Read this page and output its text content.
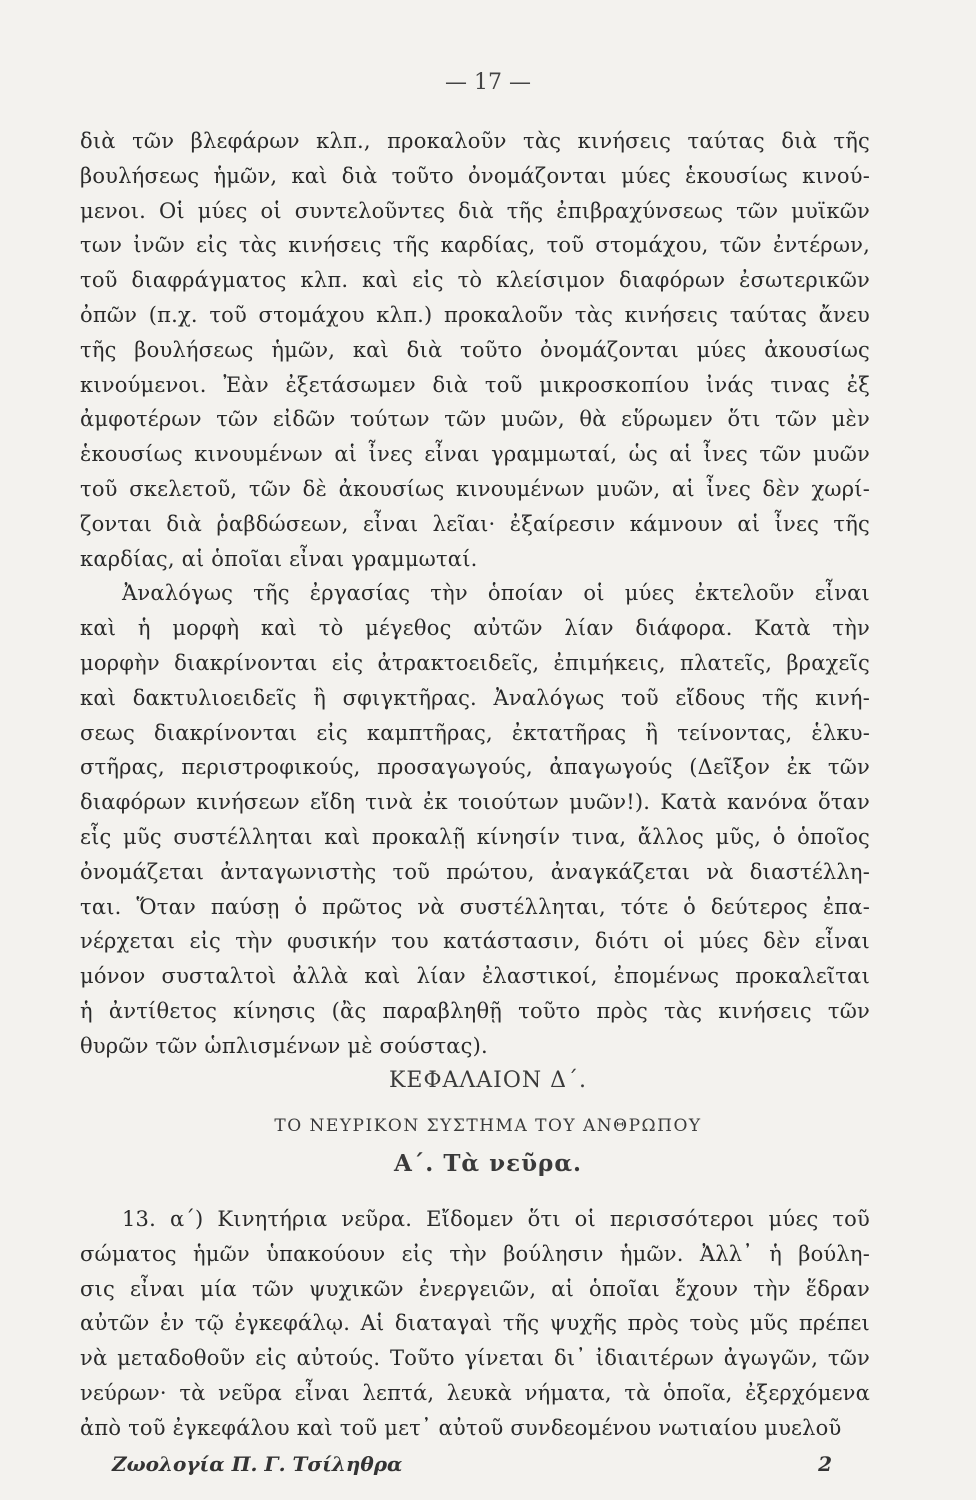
— 17 —
διὰ τῶν βλεφάρων κλπ., προκαλοῦν τὰς κινήσεις ταύτας διὰ τῆς
βουλήσεως ἡμῶν, καὶ διὰ τοῦτο ὀνομάζονται μύες ἑκουσίως κινού-
μενοι. Οἱ μύες οἱ συντελοῦντες διὰ τῆς ἐπιβραχύνσεως τῶν μυϊκῶν
των ἰνῶν εἰς τὰς κινήσεις τῆς καρδίας, τοῦ στομάχου, τῶν ἐντέρων,
τοῦ διαφράγματος κλπ. καὶ εἰς τὸ κλείσιμον διαφόρων ἐσωτερικῶν
ὀπῶν (π.χ. τοῦ στομάχου κλπ.) προκαλοῦν τὰς κινήσεις ταύτας ἄνευ
τῆς βουλήσεως ἡμῶν, καὶ διὰ τοῦτο ὀνομάζονται μύες ἀκουσίως
κινούμενοι. Ἐὰν ἐξετάσωμεν διὰ τοῦ μικροσκοπίου ἰνάς τινας ἐξ
ἀμφοτέρων τῶν εἰδῶν τούτων τῶν μυῶν, θὰ εὕρωμεν ὅτι τῶν μὲν
ἑκουσίως κινουμένων αἱ ἶνες εἶναι γραμμωταί, ὡς αἱ ἶνες τῶν μυῶν
τοῦ σκελετοῦ, τῶν δὲ ἀκουσίως κινουμένων μυῶν, αἱ ἶνες δὲν χωρί-
ζονται διὰ ῥαβδώσεων, εἶναι λεῖαι· ἐξαίρεσιν κάμνουν αἱ ἶνες τῆς
καρδίας, αἱ ὁποῖαι εἶναι γραμμωταί.
Ἀναλόγως τῆς ἐργασίας τὴν ὁποίαν οἱ μύες ἐκτελοῦν εἶναι
καὶ ἡ μορφὴ καὶ τὸ μέγεθος αὐτῶν λίαν διάφορα. Κατὰ τὴν
μορφὴν διακρίνονται εἰς ἀτρακτοειδεῖς, ἐπιμήκεις, πλατεῖς, βραχεῖς
καὶ δακτυλιοειδεῖς ἢ σφιγκτῆρας. Ἀναλόγως τοῦ εἴδους τῆς κινή-
σεως διακρίνονται εἰς καμπτῆρας, ἐκτατῆρας ἢ τείνοντας, ἑλκυ-
στῆρας, περιστροφικούς, προσαγωγούς, ἀπαγωγούς (Δεῖξον ἐκ τῶν
διαφόρων κινήσεων εἴδη τινὰ ἐκ τοιούτων μυῶν!). Κατὰ κανόνα ὅταν
εἷς μῦς συστέλληται καὶ προκαλῇ κίνησίν τινα, ἄλλος μῦς, ὁ ὁποῖος
ὀνομάζεται ἀνταγωνιστὴς τοῦ πρώτου, ἀναγκάζεται νὰ διαστέλλη-
ται. Ὅταν παύσῃ ὁ πρῶτος νὰ συστέλληται, τότε ὁ δεύτερος ἐπα-
νέρχεται εἰς τὴν φυσικήν του κατάστασιν, διότι οἱ μύες δὲν εἶναι
μόνον συσταλτοὶ ἀλλὰ καὶ λίαν ἐλαστικοί, ἐπομένως προκαλεῖται
ἡ ἀντίθετος κίνησις (ἂς παραβληθῇ τοῦτο πρὸς τὰς κινήσεις τῶν
θυρῶν τῶν ὡπλισμένων μὲ σούστας).
ΚΕΦΑΛΑΙΟΝ Δ΄.
ΤΟ ΝΕΥΡΙΚΟΝ ΣΥΣΤΗΜΑ ΤΟΥ ΑΝΘΡΩΠΟΥ
Α΄. Τὰ νεῦρα.
13. α΄) Κινητήρια νεῦρα. Εἴδομεν ὅτι οἱ περισσότεροι μύες τοῦ
σώματος ἡμῶν ὑπακούουν εἰς τὴν βούλησιν ἡμῶν. Ἀλλ᾽ ἡ βούλη-
σις εἶναι μία τῶν ψυχικῶν ἐνεργειῶν, αἱ ὁποῖαι ἔχουν τὴν ἕδραν
αὐτῶν ἐν τῷ ἐγκεφάλῳ. Αἱ διαταγαὶ τῆς ψυχῆς πρὸς τοὺς μῦς πρέπει
νὰ μεταδοθοῦν εἰς αὐτούς. Τοῦτο γίνεται δι᾽ ἰδιαιτέρων ἀγωγῶν, τῶν
νεύρων· τὰ νεῦρα εἶναι λεπτά, λευκὰ νήματα, τὰ ὁποῖα, ἐξερχόμενα
ἀπὸ τοῦ ἐγκεφάλου καὶ τοῦ μετ᾽ αὐτοῦ συνδεομένου νωτιαίου μυελοῦ
Ζωολογία Π. Γ. Τσίληθρα	2
